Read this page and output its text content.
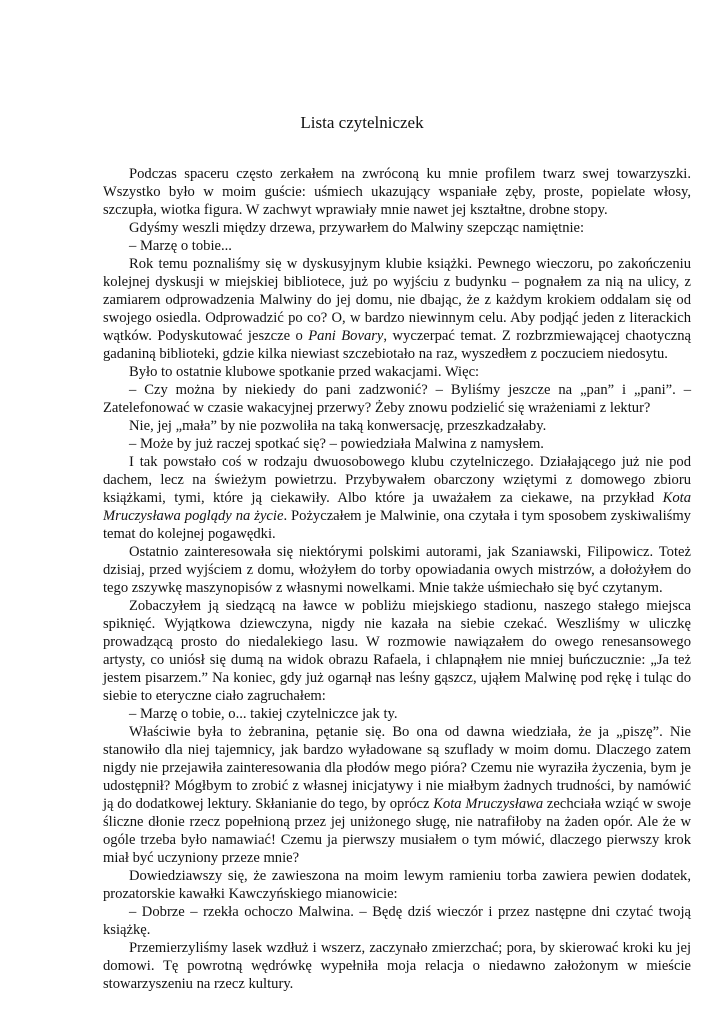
Lista czytelniczek

Podczas spaceru często zerkałem na zwróconą ku mnie profilem twarz swej towarzyszki. Wszystko było w moim guście: uśmiech ukazujący wspaniałe zęby, proste, popielate włosy, szczupła, wiotka figura. W zachwyt wprawiały mnie nawet jej kształtne, drobne stopy.

Gdyśmy weszli między drzewa, przywarłem do Malwiny szepcząc namiętnie:

– Marzę o tobie...

Rok temu poznaliśmy się w dyskusyjnym klubie książki. Pewnego wieczoru, po zakończeniu kolejnej dyskusji w miejskiej bibliotece, już po wyjściu z budynku – pognałem za nią na ulicy, z zamiarem odprowadzenia Malwiny do jej domu, nie dbając, że z każdym krokiem oddalam się od swojego osiedla. Odprowadzić po co? O, w bardzo niewinnym celu. Aby podjąć jeden z literackich wątków. Podyskutować jeszcze o Pani Bovary, wyczerpać temat. Z rozbrzmiewającej chaotyczną gadaniną biblioteki, gdzie kilka niewiast szczebiotało na raz, wyszedłem z poczuciem niedosytu.

Było to ostatnie klubowe spotkanie przed wakacjami. Więc:

– Czy można by niekiedy do pani zadzwonić? – Byliśmy jeszcze na „pan” i „pani”. – Zatelefonować w czasie wakacyjnej przerwy? Żeby znowu podzielić się wrażeniami z lektur?

Nie, jej „mała” by nie pozwoliła na taką konwersację, przeszkadzałaby.

– Może by już raczej spotkać się? – powiedziała Malwina z namysłem.

I tak powstało coś w rodzaju dwuosobowego klubu czytelniczego. Działającego już nie pod dachem, lecz na świeżym powietrzu. Przybywałem obarczony wziętymi z domowego zbioru książkami, tymi, które ją ciekawiły. Albo które ja uważałem za ciekawe, na przykład Kota Mruczysława poglądy na życie. Pożyczałem je Malwinie, ona czytała i tym sposobem zyskiwaliśmy temat do kolejnej pogawędki.

Ostatnio zainteresowała się niektórymi polskimi autorami, jak Szaniawski, Filipowicz. Toteż dzisiaj, przed wyjściem z domu, włożyłem do torby opowiadania owych mistrzów, a dołożyłem do tego zszywkę maszynopisów z własnymi nowelkami. Mnie także uśmiechało się być czytanym.

Zobaczyłem ją siedzącą na ławce w pobliżu miejskiego stadionu, naszego stałego miejsca spiknięć. Wyjątkowa dziewczyna, nigdy nie kazała na siebie czekać. Weszliśmy w uliczkę prowadzącą prosto do niedalekiego lasu. W rozmowie nawiązałem do owego renesansowego artysty, co uniósł się dumą na widok obrazu Rafaela, i chlapnąłem nie mniej buńczucznie: „Ja też jestem pisarzem.” Na koniec, gdy już ogarnął nas leśny gąszcz, ująłem Malwinę pod rękę i tuląc do siebie to eteryczne ciało zagruchałem:

– Marzę o tobie, o... takiej czytelniczce jak ty.

Właściwie była to żebranina, pętanie się. Bo ona od dawna wiedziała, że ja „piszę”. Nie stanowiło dla niej tajemnicy, jak bardzo wyładowane są szuflady w moim domu. Dlaczego zatem nigdy nie przejawiła zainteresowania dla płodów mego pióra? Czemu nie wyraziła życzenia, bym je udostępnił? Mógłbym to zrobić z własnej inicjatywy i nie miałbym żadnych trudności, by namówić ją do dodatkowej lektury. Skłanianie do tego, by oprócz Kota Mruczysława zechciała wziąć w swoje śliczne dłonie rzecz popełnioną przez jej uniżonego sługę, nie natrafiłoby na żaden opór. Ale że w ogóle trzeba było namawiać! Czemu ja pierwszy musiałem o tym mówić, dlaczego pierwszy krok miał być uczyniony przeze mnie?

Dowiedziawszy się, że zawieszona na moim lewym ramieniu torba zawiera pewien dodatek, prozatorskie kawałki Kawczyńskiego mianowicie:

– Dobrze – rzekła ochoczo Malwina. – Będę dziś wieczór i przez następne dni czytać twoją książkę.

Przemierzyliśmy lasek wzdłuż i wszerz, zaczynało zmierzchać; pora, by skierować kroki ku jej domowi. Tę powrotną wędrówkę wypełniła moja relacja o niedawno założonym w mieście stowarzyszeniu na rzecz kultury.
